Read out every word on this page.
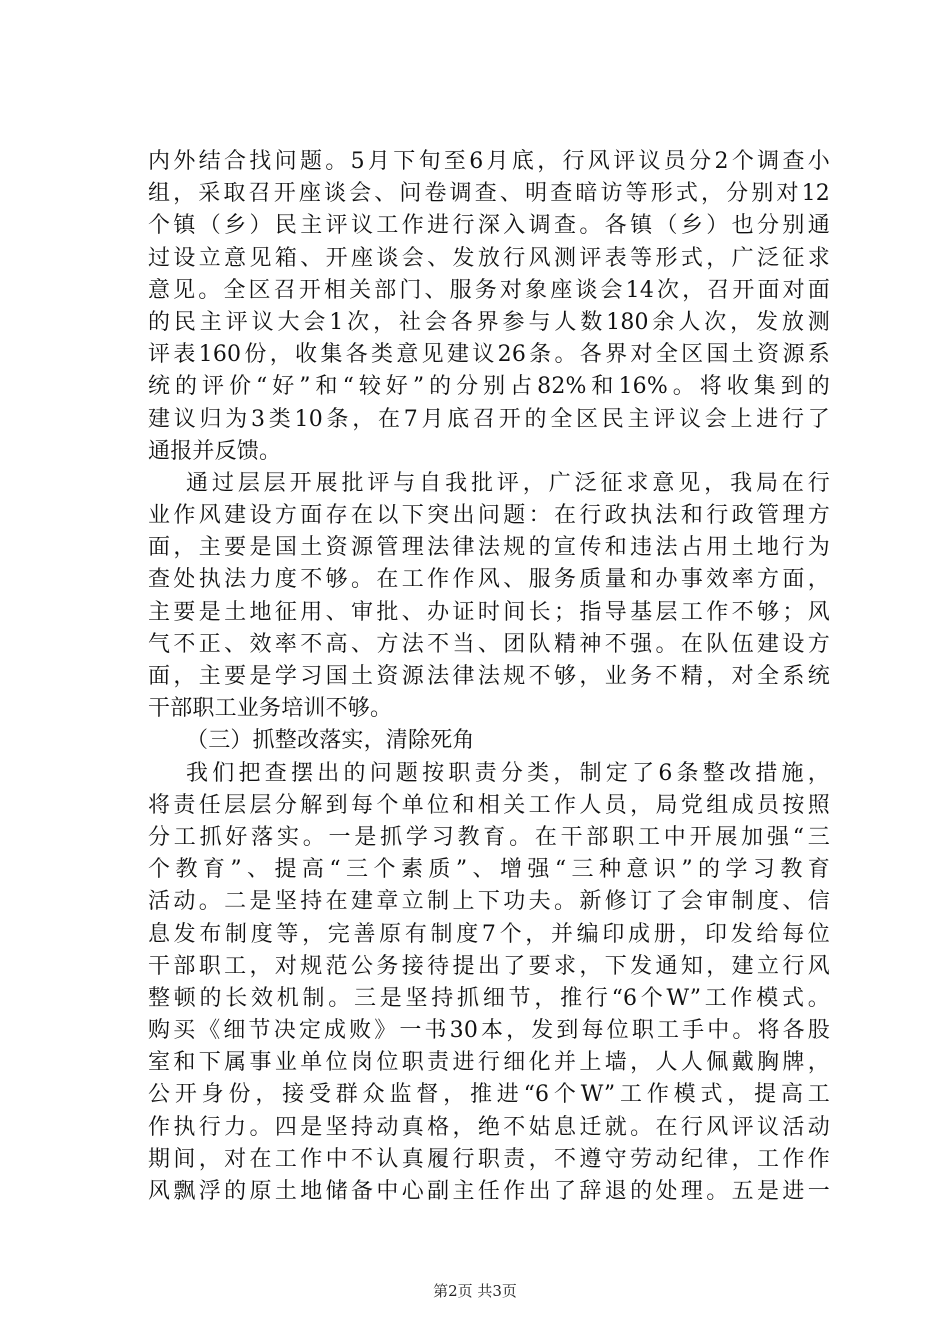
内外结合找问题。5月下旬至6月底，行风评议员分2个调查小
组，采取召开座谈会、问卷调查、明查暗访等形式，分别对12
个镇（乡）民主评议工作进行深入调查。各镇（乡）也分别通
过设立意见箱、开座谈会、发放行风测评表等形式，广泛征求
意见。全区召开相关部门、服务对象座谈会14次，召开面对面
的民主评议大会1次，社会各界参与人数180余人次，发放测
评表160份，收集各类意见建议26条。各界对全区国土资源系
统的评价“好”和“较好”的分别占82%和16%。将收集到的
建议归为3类10条，在7月底召开的全区民主评议会上进行了
通报并反馈。
通过层层开展批评与自我批评，广泛征求意见，我局在行
业作风建设方面存在以下突出问题：在行政执法和行政管理方
面，主要是国土资源管理法律法规的宣传和违法占用土地行为
查处执法力度不够。在工作作风、服务质量和办事效率方面，
主要是土地征用、审批、办证时间长；指导基层工作不够；风
气不正、效率不高、方法不当、团队精神不强。在队伍建设方
面，主要是学习国土资源法律法规不够，业务不精，对全系统
干部职工业务培训不够。
（三）抓整改落实，清除死角
我们把查摆出的问题按职责分类，制定了6条整改措施，
将责任层层分解到每个单位和相关工作人员，局党组成员按照
分工抓好落实。一是抓学习教育。在干部职工中开展加强“三
个教育”、提高“三个素质”、增强“三种意识”的学习教育
活动。二是坚持在建章立制上下功夫。新修订了会审制度、信
息发布制度等，完善原有制度7个，并编印成册，印发给每位
干部职工，对规范公务接待提出了要求，下发通知，建立行风
整顿的长效机制。三是坚持抓细节，推行“6个W”工作模式。
购买《细节决定成败》一书30本，发到每位职工手中。将各股
室和下属事业单位岗位职责进行细化并上墙，人人佩戴胸牌，
公开身份，接受群众监督，推进“6个W”工作模式，提高工
作执行力。四是坚持动真格，绝不姑息迁就。在行风评议活动
期间，对在工作中不认真履行职责，不遵守劳动纪律，工作作
风飘浮的原土地储备中心副主任作出了辞退的处理。五是进一
第2页 共3页
